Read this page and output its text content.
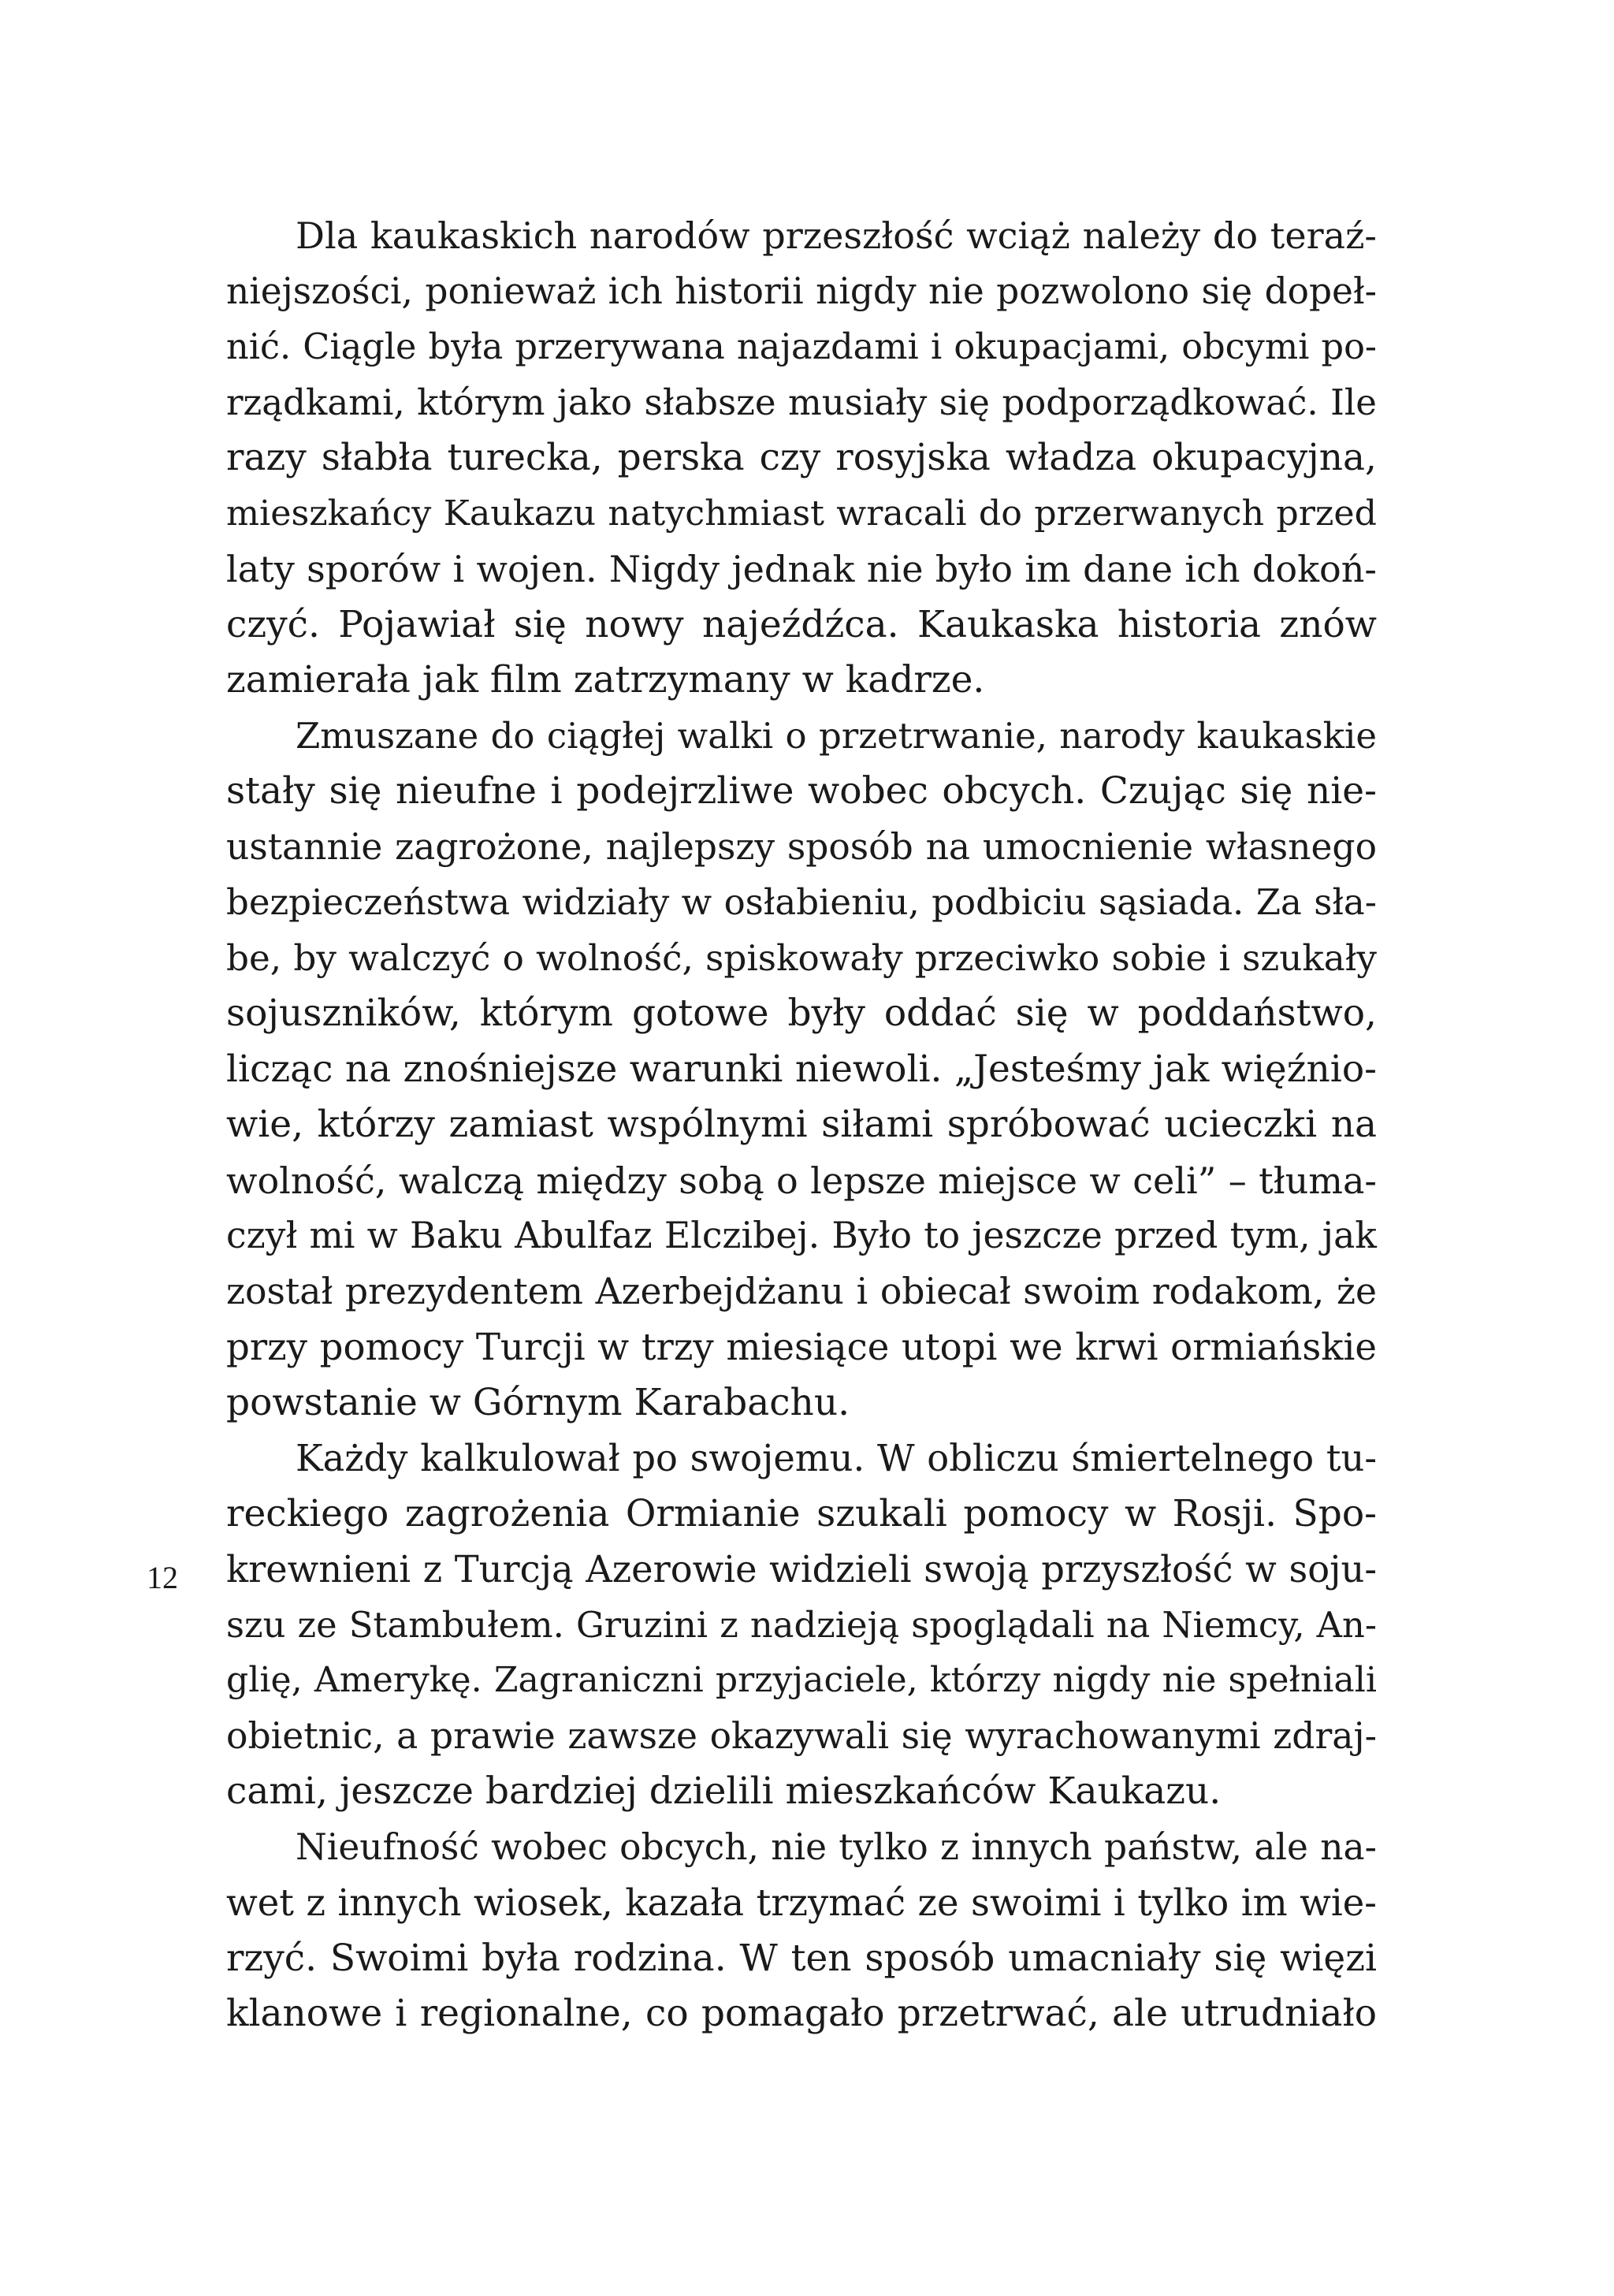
Dla kaukaskich narodów przeszłość wciąż należy do teraź-
niejszości, ponieważ ich historii nigdy nie pozwolono się dopeł-
nić. Ciągle była przerywana najazdami i okupacjami, obcymi po-
rządkami, którym jako słabsze musiały się podporządkować. Ile
razy słabła turecka, perska czy rosyjska władza okupacyjna,
mieszkańcy Kaukazu natychmiast wracali do przerwanych przed
laty sporów i wojen. Nigdy jednak nie było im dane ich dokoń-
czyć. Pojawiał się nowy najeźdźca. Kaukaska historia znów
zamierała jak film zatrzymany w kadrze.
Zmuszane do ciągłej walki o przetrwanie, narody kaukaskie
stały się nieufne i podejrzliwe wobec obcych. Czując się nie-
ustannie zagrożone, najlepszy sposób na umocnienie własnego
bezpieczeństwa widziały w osłabieniu, podbiciu sąsiada. Za sła-
be, by walczyć o wolność, spiskowały przeciwko sobie i szukały
sojuszników, którym gotowe były oddać się w poddaństwo,
licząc na znośniejsze warunki niewoli. „Jesteśmy jak więźnio-
wie, którzy zamiast wspólnymi siłami spróbować ucieczki na
wolność, walczą między sobą o lepsze miejsce w celi” – tłuma-
czył mi w Baku Abulfaz Elczibej. Było to jeszcze przed tym, jak
został prezydentem Azerbejdżanu i obiecał swoim rodakom, że
przy pomocy Turcji w trzy miesiące utopi we krwi ormiańskie
powstanie w Górnym Karabachu.
Każdy kalkulował po swojemu. W obliczu śmiertelnego tu-
reckiego zagrożenia Ormianie szukali pomocy w Rosji. Spo-
krewnieni z Turcją Azerowie widzieli swoją przyszłość w soju-
szu ze Stambułem. Gruzini z nadzieją spoglądali na Niemcy, An-
glię, Amerykę. Zagraniczni przyjaciele, którzy nigdy nie spełniali
obietnic, a prawie zawsze okazywali się wyrachowanymi zdraj-
cami, jeszcze bardziej dzielili mieszkańców Kaukazu.
Nieufność wobec obcych, nie tylko z innych państw, ale na-
wet z innych wiosek, kazała trzymać ze swoimi i tylko im wie-
rzyć. Swoimi była rodzina. W ten sposób umacniały się więzi
klanowe i regionalne, co pomagało przetrwać, ale utrudniało
12
